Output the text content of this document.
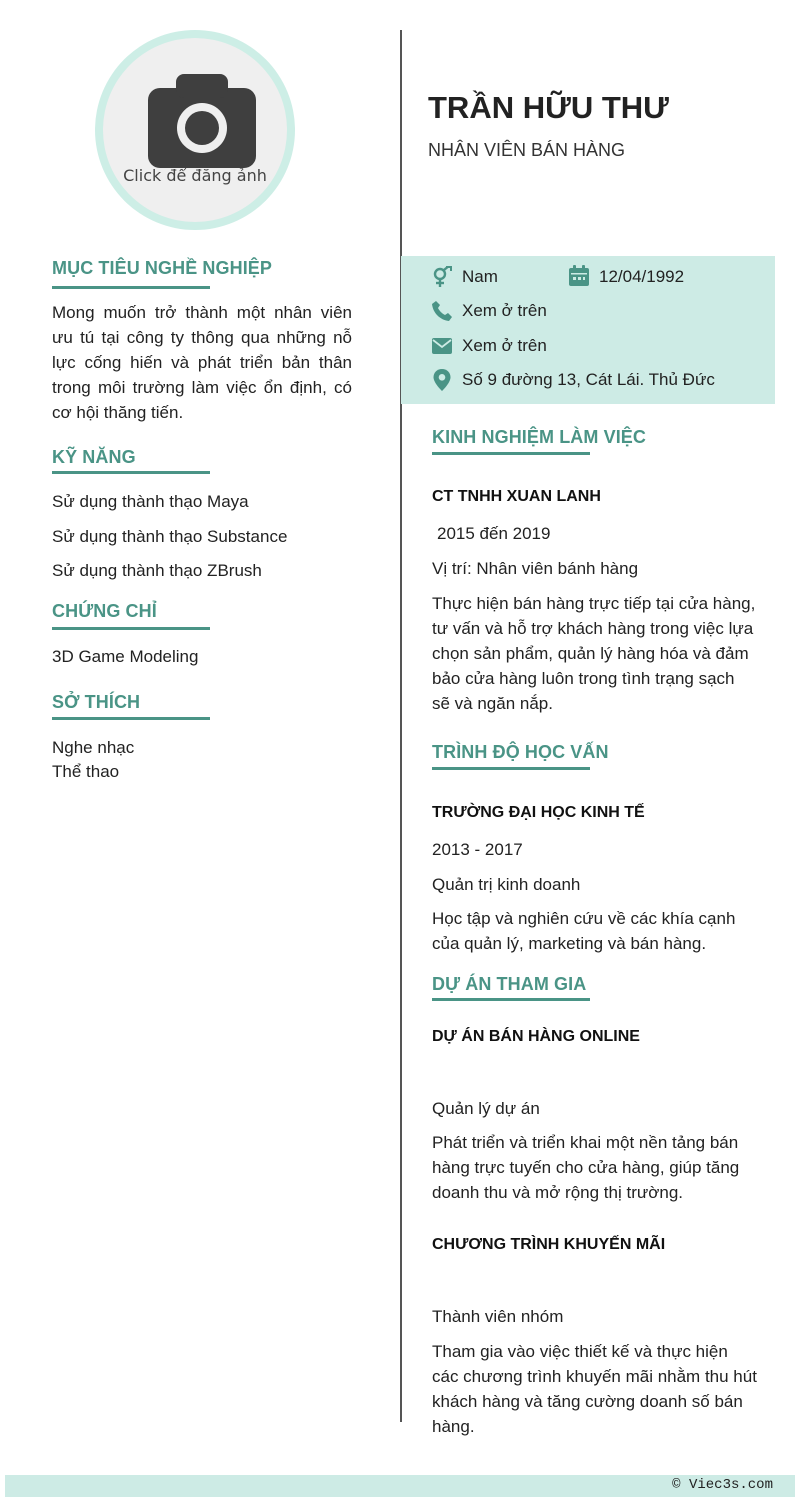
Click để đăng ảnh
MỤC TIÊU NGHỀ NGHIỆP
Mong muốn trở thành một nhân viên ưu tú tại công ty thông qua những nỗ lực cống hiến và phát triển bản thân trong môi trường làm việc ổn định, có cơ hội thăng tiến.
KỸ NĂNG
Sử dụng thành thạo Maya
Sử dụng thành thạo Substance
Sử dụng thành thạo ZBrush
CHỨNG CHỈ
3D Game Modeling
SỞ THÍCH
Nghe nhạc
Thể thao
TRẦN HỮU THƯ
NHÂN VIÊN BÁN HÀNG
Nam	12/04/1992
Xem ở trên
Xem ở trên
Số 9 đường 13, Cát Lái. Thủ Đức
KINH NGHIỆM LÀM VIỆC
CT TNHH XUAN LANH
2015 đến 2019
Vị trí: Nhân viên bánh hàng
Thực hiện bán hàng trực tiếp tại cửa hàng, tư vấn và hỗ trợ khách hàng trong việc lựa chọn sản phẩm, quản lý hàng hóa và đảm bảo cửa hàng luôn trong tình trạng sạch sẽ và ngăn nắp.
TRÌNH ĐỘ HỌC VẤN
TRƯỜNG ĐẠI HỌC KINH TẾ
2013 - 2017
Quản trị kinh doanh
Học tập và nghiên cứu về các khía cạnh của quản lý, marketing và bán hàng.
DỰ ÁN THAM GIA
DỰ ÁN BÁN HÀNG ONLINE
Quản lý dự án
Phát triển và triển khai một nền tảng bán hàng trực tuyến cho cửa hàng, giúp tăng doanh thu và mở rộng thị trường.
CHƯƠNG TRÌNH KHUYẾN MÃI
Thành viên nhóm
Tham gia vào việc thiết kế và thực hiện các chương trình khuyến mãi nhằm thu hút khách hàng và tăng cường doanh số bán hàng.
© Viec3s.com
